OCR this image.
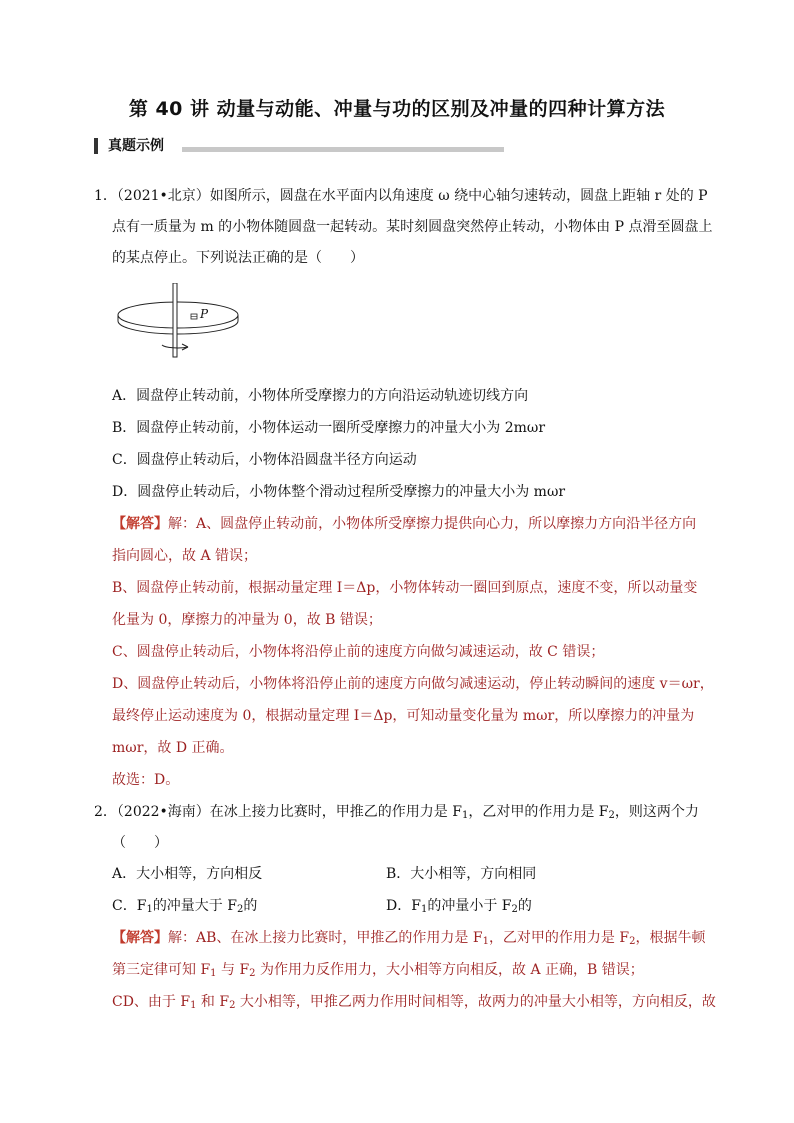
第 40 讲 动量与动能、冲量与功的区别及冲量的四种计算方法
真题示例
1．（2021•北京）如图所示，圆盘在水平面内以角速度 ω 绕中心轴匀速转动，圆盘上距轴 r 处的 P
点有一质量为 m 的小物体随圆盘一起转动。某时刻圆盘突然停止转动，小物体由 P 点滑至圆盘上
的某点停止。下列说法正确的是（　　）
P
A．圆盘停止转动前，小物体所受摩擦力的方向沿运动轨迹切线方向
B．圆盘停止转动前，小物体运动一圈所受摩擦力的冲量大小为 2mωr
C．圆盘停止转动后，小物体沿圆盘半径方向运动
D．圆盘停止转动后，小物体整个滑动过程所受摩擦力的冲量大小为 mωr
【解答】解：A、圆盘停止转动前，小物体所受摩擦力提供向心力，所以摩擦力方向沿半径方向
指向圆心，故 A 错误；
B、圆盘停止转动前，根据动量定理 I＝Δp，小物体转动一圈回到原点，速度不变，所以动量变
化量为 0，摩擦力的冲量为 0，故 B 错误；
C、圆盘停止转动后，小物体将沿停止前的速度方向做匀减速运动，故 C 错误；
D、圆盘停止转动后，小物体将沿停止前的速度方向做匀减速运动，停止转动瞬间的速度 v＝ωr，
最终停止运动速度为 0，根据动量定理 I＝Δp，可知动量变化量为 mωr，所以摩擦力的冲量为
mωr，故 D 正确。
故选：D。
2．（2022•海南）在冰上接力比赛时，甲推乙的作用力是 $F_1$，乙对甲的作用力是 $F_2$，则这两个力
（　　）
A．大小相等，方向相反	B．大小相等，方向相同
C．$F_1$的冲量大于 $F_2$的	D．$F_1$的冲量小于 $F_2$的
【解答】解：AB、在冰上接力比赛时，甲推乙的作用力是 $F_1$，乙对甲的作用力是 $F_2$，根据牛顿
第三定律可知 $F_1$ 与 $F_2$ 为作用力反作用力，大小相等方向相反，故 A 正确，B 错误；
CD、由于 $F_1$ 和 $F_2$ 大小相等，甲推乙两力作用时间相等，故两力的冲量大小相等，方向相反，故
